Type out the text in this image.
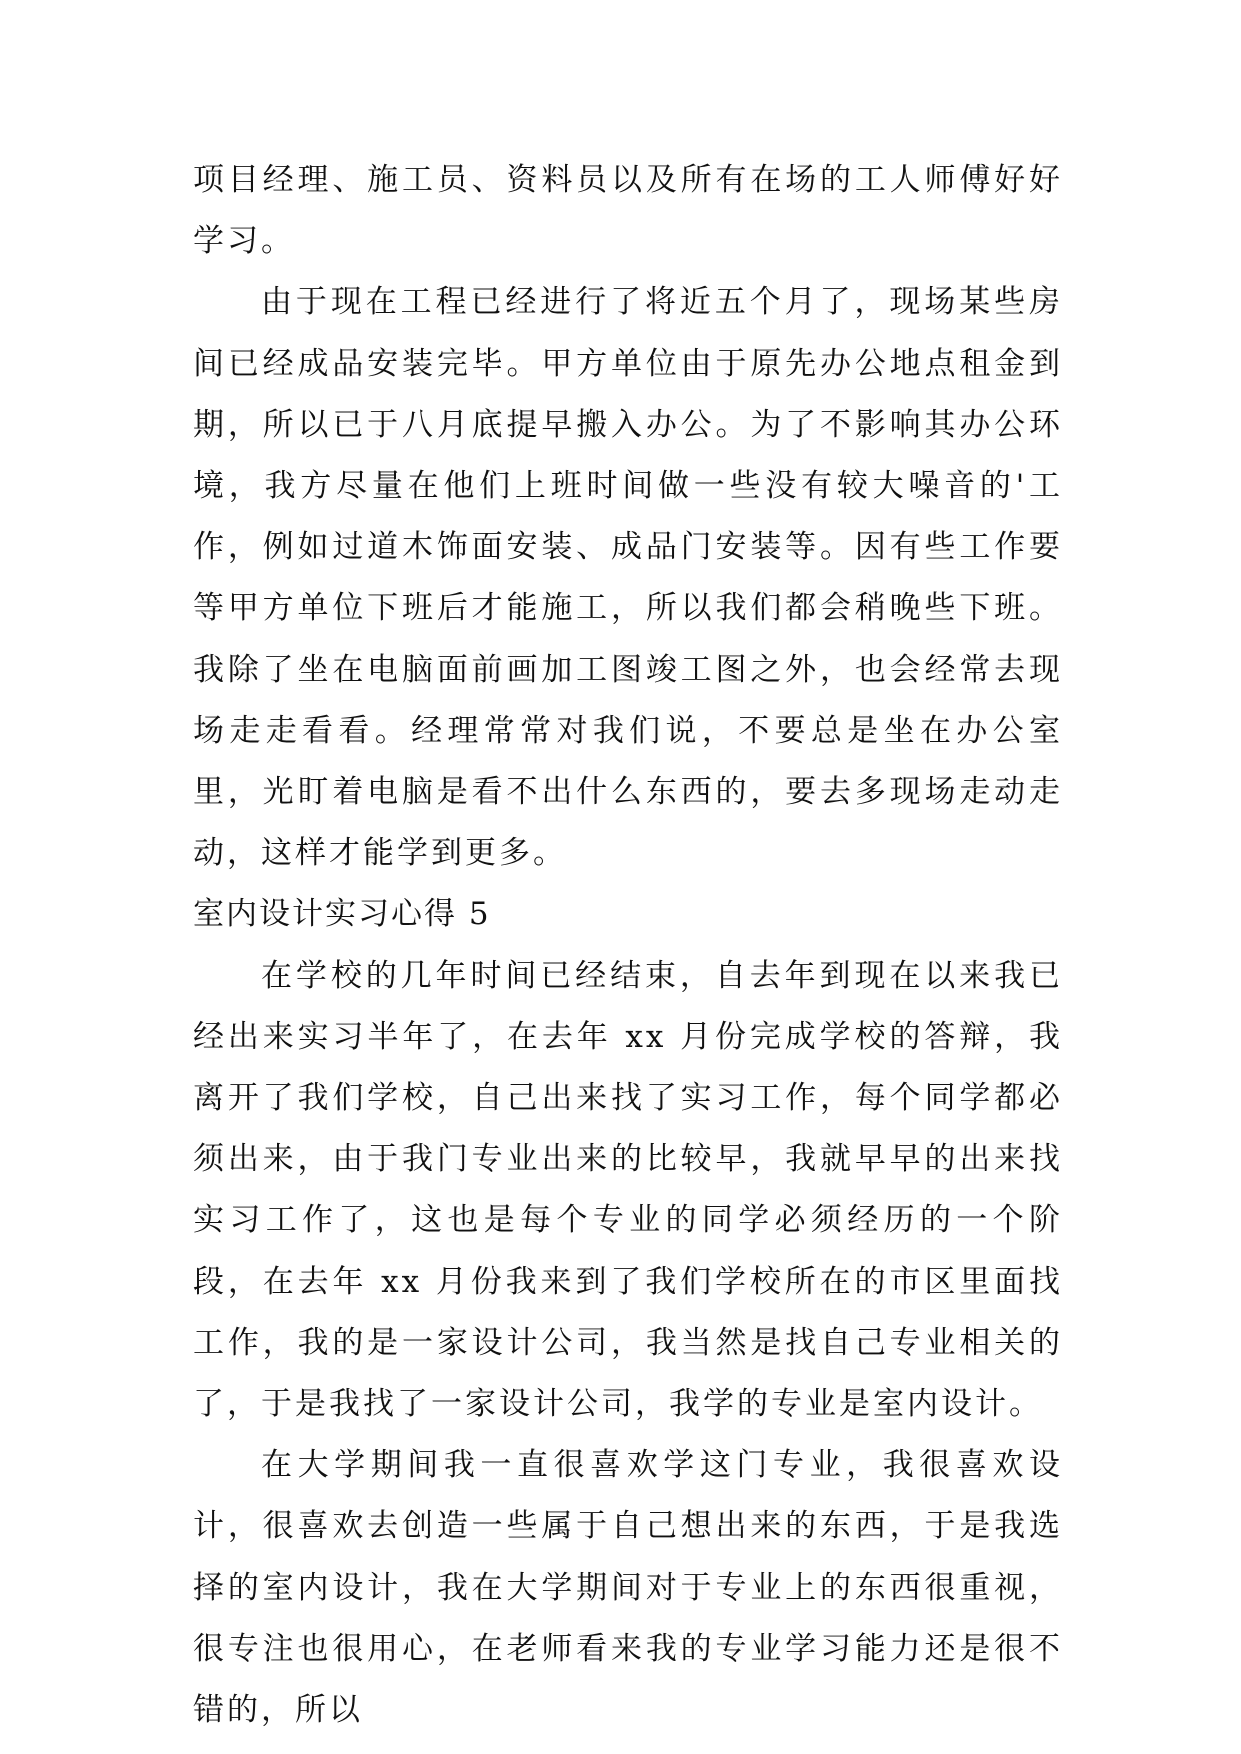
项目经理、施工员、资料员以及所有在场的工人师傅好好学习。

由于现在工程已经进行了将近五个月了，现场某些房间已经成品安装完毕。甲方单位由于原先办公地点租金到期，所以已于八月底提早搬入办公。为了不影响其办公环境，我方尽量在他们上班时间做一些没有较大噪音的'工作，例如过道木饰面安装、成品门安装等。因有些工作要等甲方单位下班后才能施工，所以我们都会稍晚些下班。我除了坐在电脑面前画加工图竣工图之外，也会经常去现场走走看看。经理常常对我们说，不要总是坐在办公室里，光盯着电脑是看不出什么东西的，要去多现场走动走动，这样才能学到更多。

室内设计实习心得 5

在学校的几年时间已经结束，自去年到现在以来我已经出来实习半年了，在去年 xx 月份完成学校的答辩，我离开了我们学校，自己出来找了实习工作，每个同学都必须出来，由于我门专业出来的比较早，我就早早的出来找实习工作了，这也是每个专业的同学必须经历的一个阶段，在去年 xx 月份我来到了我们学校所在的市区里面找工作，我的是一家设计公司，我当然是找自己专业相关的了，于是我找了一家设计公司，我学的专业是室内设计。

在大学期间我一直很喜欢学这门专业，我很喜欢设计，很喜欢去创造一些属于自己想出来的东西，于是我选择的室内设计，我在大学期间对于专业上的东西很重视，很专注也很用心，在老师看来我的专业学习能力还是很不错的，所以
